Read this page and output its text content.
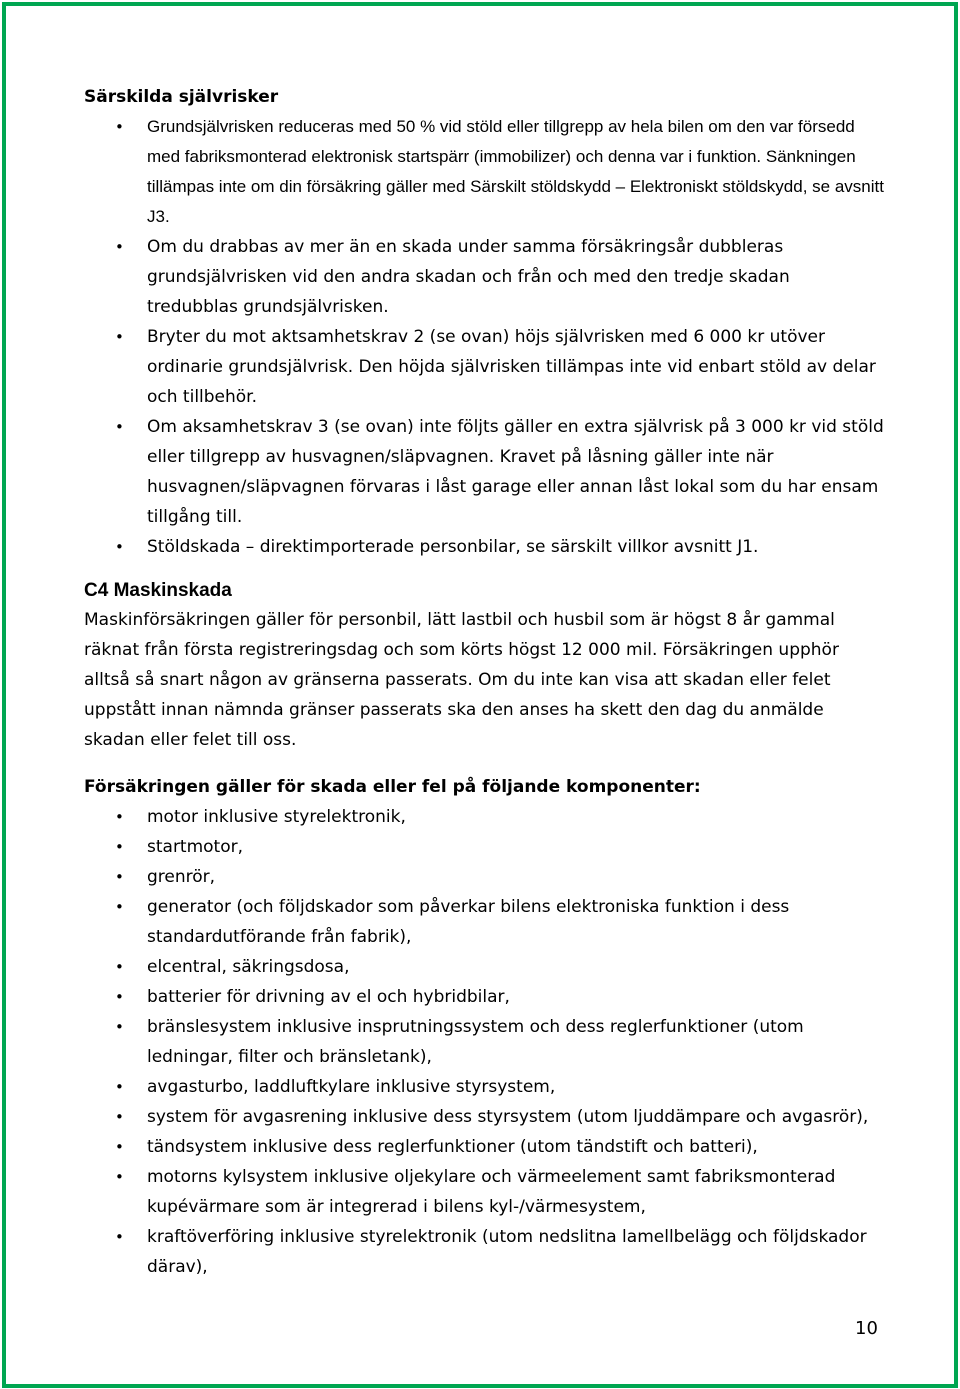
Särskilda självrisker
• Grundsjälvrisken reduceras med 50 % vid stöld eller tillgrepp av hela bilen om den var försedd med fabriksmonterad elektronisk startspärr (immobilizer) och denna var i funktion. Sänkningen tillämpas inte om din försäkring gäller med Särskilt stöldskydd – Elektroniskt stöldskydd, se avsnitt J3.
• Om du drabbas av mer än en skada under samma försäkringsår dubbleras grundsjälvrisken vid den andra skadan och från och med den tredje skadan tredubblas grundsjälvrisken.
• Bryter du mot aktsamhetskrav 2 (se ovan) höjs självrisken med 6 000 kr utöver ordinarie grundsjälvrisk. Den höjda självrisken tillämpas inte vid enbart stöld av delar och tillbehör.
• Om aksamhetskrav 3 (se ovan) inte följts gäller en extra självrisk på 3 000 kr vid stöld eller tillgrepp av husvagnen/släpvagnen. Kravet på låsning gäller inte när husvagnen/släpvagnen förvaras i låst garage eller annan låst lokal som du har ensam tillgång till.
• Stöldskada – direktimporterade personbilar, se särskilt villkor avsnitt J1.
C4 Maskinskada

Maskinförsäkringen gäller för personbil, lätt lastbil och husbil som är högst 8 år gammal räknat från första registreringsdag och som körts högst 12 000 mil. Försäkringen upphör alltså så snart någon av gränserna passerats. Om du inte kan visa att skadan eller felet uppstått innan nämnda gränser passerats ska den anses ha skett den dag du anmälde skadan eller felet till oss.

Försäkringen gäller för skada eller fel på följande komponenter:
• motor inklusive styrelektronik,
• startmotor,
• grenrör,
• generator (och följdskador som påverkar bilens elektroniska funktion i dess standardutförande från fabrik),
• elcentral, säkringsdosa,
• batterier för drivning av el och hybridbilar,
• bränslesystem inklusive insprutningssystem och dess reglerfunktioner (utom ledningar, filter och bränsletank),
• avgasturbo, laddluftkylare inklusive styrsystem,
• system för avgasrening inklusive dess styrsystem (utom ljuddämpare och avgasrör),
• tändsystem inklusive dess reglerfunktioner (utom tändstift och batteri),
• motorns kylsystem inklusive oljekylare och värmeelement samt fabriksmonterad kupévärmare som är integrerad i bilens kyl-/värmesystem,
• kraftöverföring inklusive styrelektronik (utom nedslitna lamellbelägg och följdskador därav),
10
